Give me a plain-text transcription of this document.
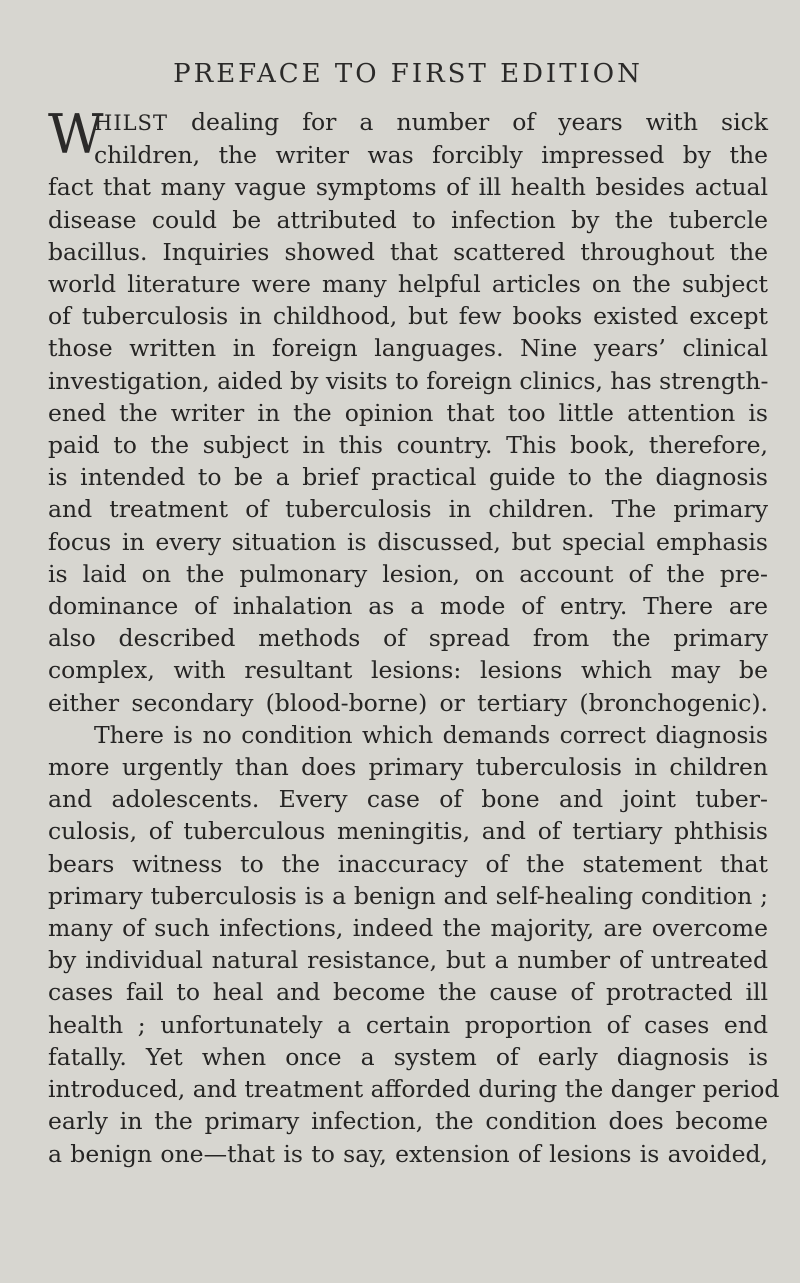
PREFACE TO FIRST EDITION
W
HILST dealing for a number of years with sick
children, the writer was forcibly impressed by the
fact that many vague symptoms of ill health besides actual
disease could be attributed to infection by the tubercle
bacillus. Inquiries showed that scattered throughout the
world literature were many helpful articles on the subject
of tuberculosis in childhood, but few books existed except
those written in foreign languages. Nine years’ clinical
investigation, aided by visits to foreign clinics, has strength-
ened the writer in the opinion that too little attention is
paid to the subject in this country. This book, therefore,
is intended to be a brief practical guide to the diagnosis
and treatment of tuberculosis in children. The primary
focus in every situation is discussed, but special emphasis
is laid on the pulmonary lesion, on account of the pre-
dominance of inhalation as a mode of entry. There are
also described methods of spread from the primary
complex, with resultant lesions: lesions which may be
either secondary (blood-borne) or tertiary (bronchogenic).
There is no condition which demands correct diagnosis
more urgently than does primary tuberculosis in children
and adolescents. Every case of bone and joint tuber-
culosis, of tuberculous meningitis, and of tertiary phthisis
bears witness to the inaccuracy of the statement that
primary tuberculosis is a benign and self-healing condition ;
many of such infections, indeed the majority, are overcome
by individual natural resistance, but a number of untreated
cases fail to heal and become the cause of protracted ill
health ; unfortunately a certain proportion of cases end
fatally. Yet when once a system of early diagnosis is
introduced, and treatment afforded during the danger period
early in the primary infection, the condition does become
a benign one—that is to say, extension of lesions is avoided,
